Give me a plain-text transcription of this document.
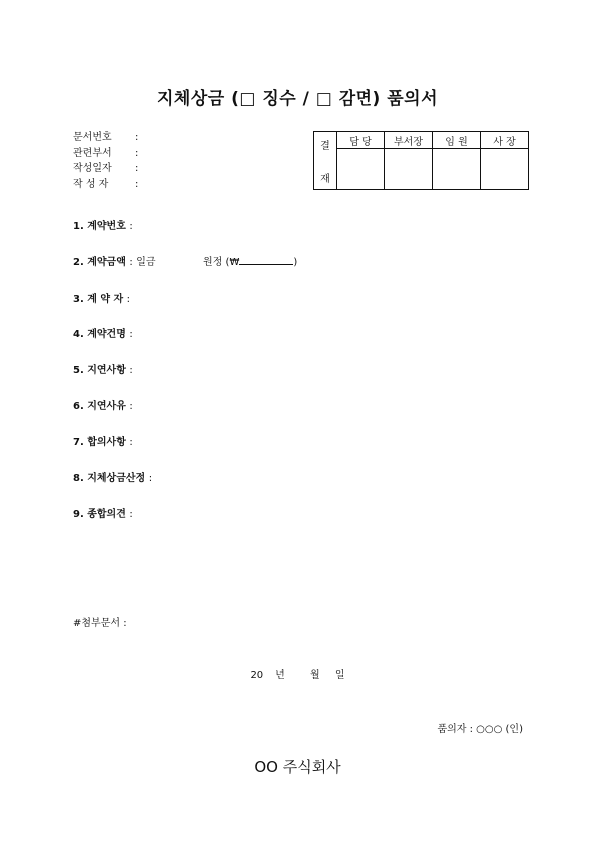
지체상금 (□ 징수 / □ 감면) 품의서
문서번호	:
관련부서	:
작성일자	:
작 성 자	:
결
재	담 당	부서장	임 원	사 장

1. 계약번호 :
2. 계약금액 : 일금	원정 (₩	)
3. 계 약 자 :
4. 계약건명 :
5. 지연사항 :
6. 지연사유 :
7. 합의사항 :
8. 지체상금산정 :
9. 종합의견 :
#첨부문서 :
20 년	월 일
품의자 : ○○○ (인)
OO 주식회사
